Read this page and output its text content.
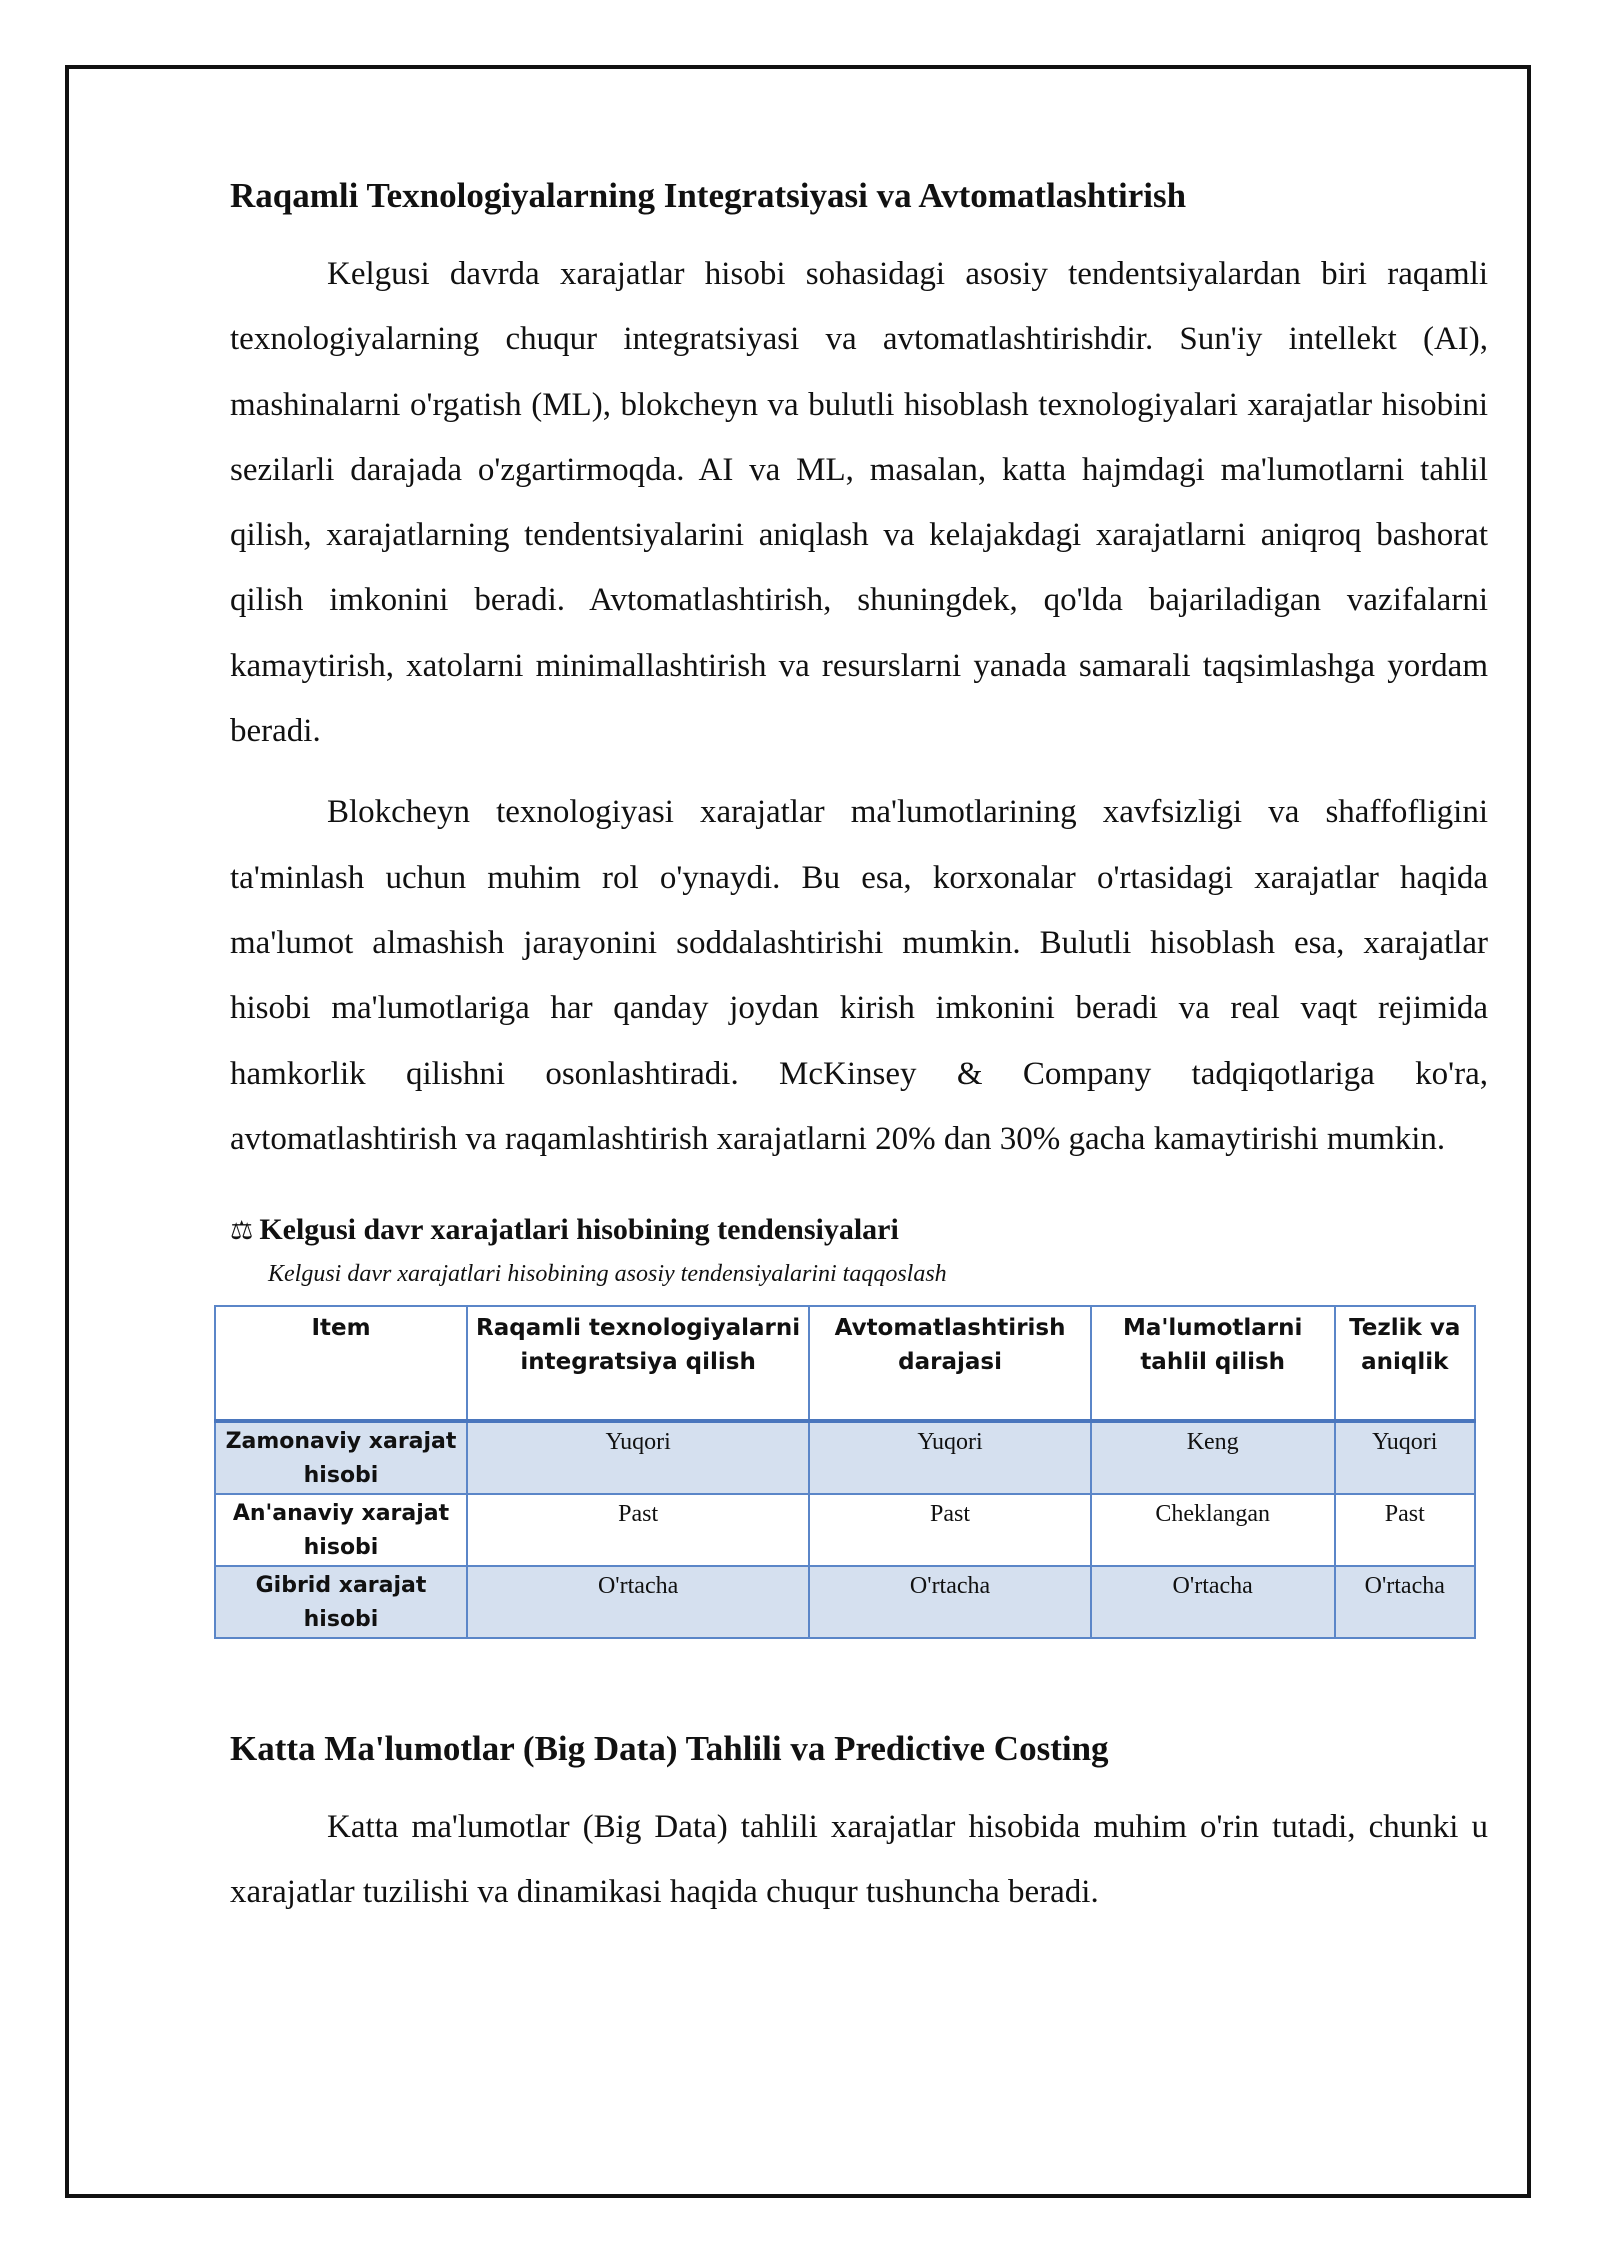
Raqamli Texnologiyalarning Integratsiyasi va Avtomatlashtirish

Kelgusi davrda xarajatlar hisobi sohasidagi asosiy tendentsiyalardan biri raqamli texnologiyalarning chuqur integratsiyasi va avtomatlashtirishdir. Sun'iy intellekt (AI), mashinalarni o'rgatish (ML), blokcheyn va bulutli hisoblash texnologiyalari xarajatlar hisobini sezilarli darajada o'zgartirmoqda. AI va ML, masalan, katta hajmdagi ma'lumotlarni tahlil qilish, xarajatlarning tendentsiyalarini aniqlash va kelajakdagi xarajatlarni aniqroq bashorat qilish imkonini beradi. Avtomatlashtirish, shuningdek, qo'lda bajariladigan vazifalarni kamaytirish, xatolarni minimallashtirish va resurslarni yanada samarali taqsimlashga yordam beradi.

Blokcheyn texnologiyasi xarajatlar ma'lumotlarining xavfsizligi va shaffofligini ta'minlash uchun muhim rol o'ynaydi. Bu esa, korxonalar o'rtasidagi xarajatlar haqida ma'lumot almashish jarayonini soddalashtirishi mumkin. Bulutli hisoblash esa, xarajatlar hisobi ma'lumotlariga har qanday joydan kirish imkonini beradi va real vaqt rejimida hamkorlik qilishni osonlashtiradi. McKinsey & Company tadqiqotlariga ko'ra, avtomatlashtirish va raqamlashtirish xarajatlarni 20% dan 30% gacha kamaytirishi mumkin.

⚖ Kelgusi davr xarajatlari hisobining tendensiyalari
Kelgusi davr xarajatlari hisobining asosiy tendensiyalarini taqqoslash
Item	Raqamli texnologiyalarni integratsiya qilish	Avtomatlashtirish darajasi	Ma'lumotlarni tahlil qilish	Tezlik va aniqlik
Zamonaviy xarajat hisobi	Yuqori	Yuqori	Keng	Yuqori
An'anaviy xarajat hisobi	Past	Past	Cheklangan	Past
Gibrid xarajat hisobi	O'rtacha	O'rtacha	O'rtacha	O'rtacha
Katta Ma'lumotlar (Big Data) Tahlili va Predictive Costing

Katta ma'lumotlar (Big Data) tahlili xarajatlar hisobida muhim o'rin tutadi, chunki u xarajatlar tuzilishi va dinamikasi haqida chuqur tushuncha beradi.
